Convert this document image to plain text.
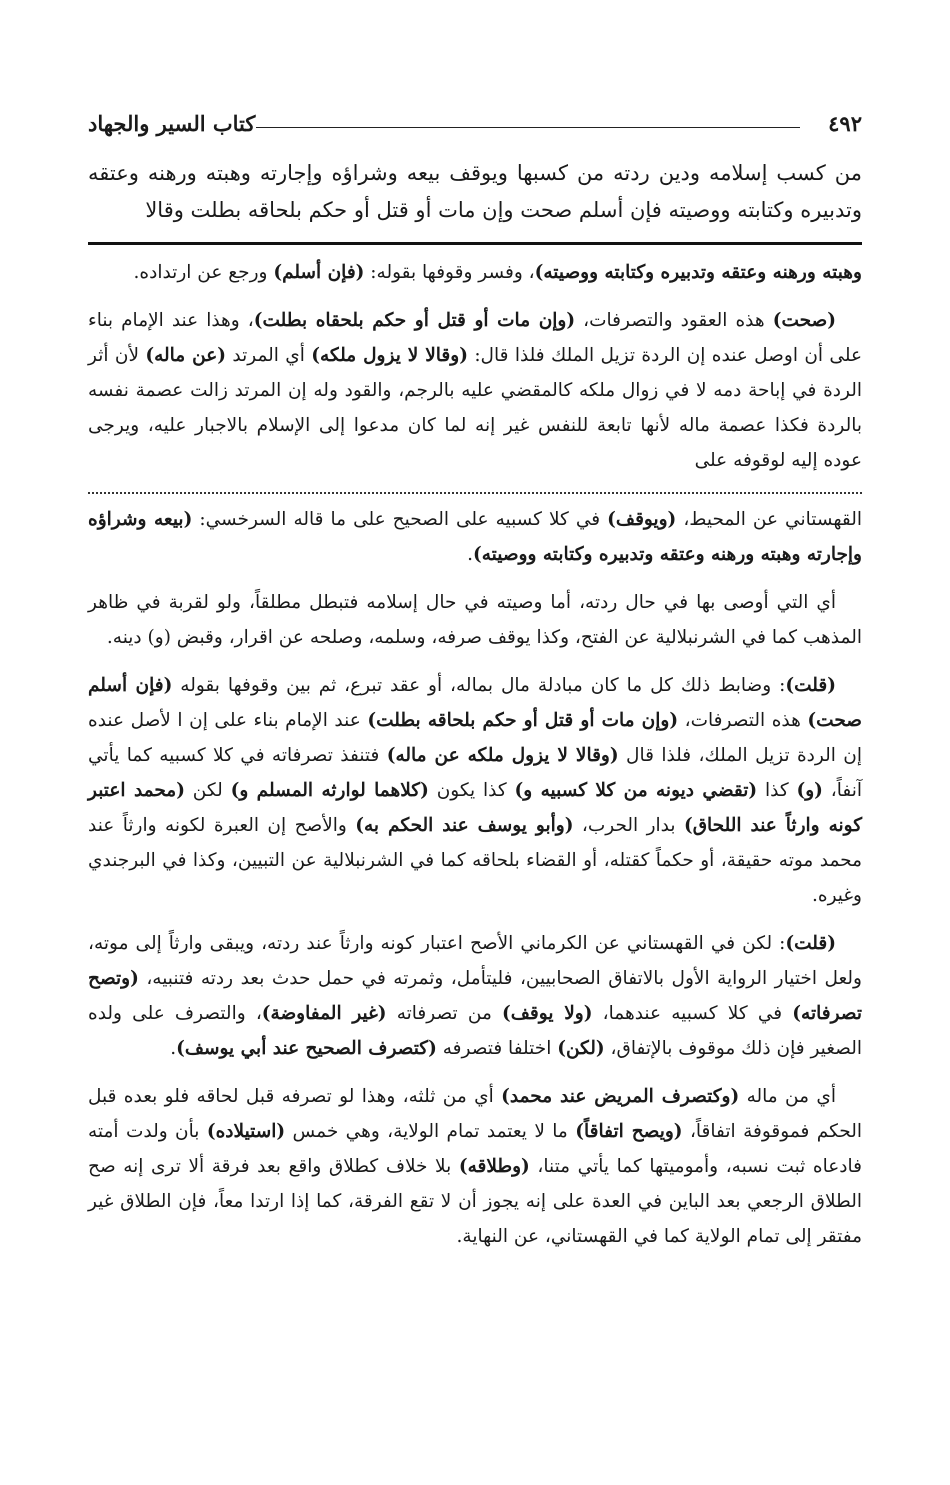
٤٩٢
كتاب السير والجهاد
من كسب إسلامه ودين ردته من كسبها ويوقف بيعه وشراؤه وإجارته وهبته ورهنه وعتقه وتدبيره وكتابته ووصيته فإن أسلم صحت وإن مات أو قتل أو حكم بلحاقه بطلت وقالا

وهبته ورهنه وعتقه وتدبيره وكتابته ووصيته)، وفسر وقوفها بقوله: (فإن أسلم) ورجع عن ارتداده.

(صحت) هذه العقود والتصرفات، (وإن مات أو قتل أو حكم بلحقاه بطلت)، وهذا عند الإمام بناء على أن اوصل عنده إن الردة تزيل الملك فلذا قال: (وقالا لا يزول ملكه) أي المرتد (عن ماله) لأن أثر الردة في إباحة دمه لا في زوال ملكه كالمقضي عليه بالرجم، والقود وله إن المرتد زالت عصمة نفسه بالردة فكذا عصمة ماله لأنها تابعة للنفس غير إنه لما كان مدعوا إلى الإسلام بالاجبار عليه، ويرجى عوده إليه لوقوفه على

القهستاني عن المحيط، (ويوقف) في كلا كسبيه على الصحيح على ما قاله السرخسي: (بيعه وشراؤه وإجارته وهبته ورهنه وعتقه وتدبيره وكتابته ووصيته).

أي التي أوصى بها في حال ردته، أما وصيته في حال إسلامه فتبطل مطلقاً، ولو لقربة في ظاهر المذهب كما في الشرنبلالية عن الفتح، وكذا يوقف صرفه، وسلمه، وصلحه عن اقرار، وقبض (و) دينه.

(قلت): وضابط ذلك كل ما كان مبادلة مال بماله، أو عقد تبرع، ثم بين وقوفها بقوله (فإن أسلم صحت) هذه التصرفات، (وإن مات أو قتل أو حكم بلحاقه بطلت) عند الإمام بناء على إن ا لأصل عنده إن الردة تزيل الملك، فلذا قال (وقالا لا يزول ملكه عن ماله) فتنفذ تصرفاته في كلا كسبيه كما يأتي آنفاً، (و) كذا (تقضي ديونه من كلا كسبيه و) كذا يكون (كلاهما لوارثه المسلم و) لكن (محمد اعتبر كونه وارثاً عند اللحاق) بدار الحرب، (وأبو يوسف عند الحكم به) والأصح إن العبرة لكونه وارثاً عند محمد موته حقيقة، أو حكماً كقتله، أو القضاء بلحاقه كما في الشرنبلالية عن التبيين، وكذا في البرجندي وغيره.

(قلت): لكن في القهستاني عن الكرماني الأصح اعتبار كونه وارثاً عند ردته، ويبقى وارثاً إلى موته، ولعل اختيار الرواية الأول بالاتفاق الصحابيين، فليتأمل، وثمرته في حمل حدث بعد ردته فتنبيه، (وتصح تصرفاته) في كلا كسبيه عندهما، (ولا يوقف) من تصرفاته (غير المفاوضة)، والتصرف على ولده الصغير فإن ذلك موقوف بالإتفاق، (لكن) اختلفا فتصرفه (كتصرف الصحيح عند أبي يوسف).

أي من ماله (وكتصرف المريض عند محمد) أي من ثلثه، وهذا لو تصرفه قبل لحاقه فلو بعده قبل الحكم فموقوفة اتفاقاً، (ويصح اتفاقاً) ما لا يعتمد تمام الولاية، وهي خمس (استيلاده) بأن ولدت أمته فادعاه ثبت نسبه، وأموميتها كما يأتي متنا، (وطلاقه) بلا خلاف كطلاق واقع بعد فرقة ألا ترى إنه صح الطلاق الرجعي بعد الباين في العدة على إنه يجوز أن لا تقع الفرقة، كما إذا ارتدا معاً، فإن الطلاق غير مفتقر إلى تمام الولاية كما في القهستاني، عن النهاية.
